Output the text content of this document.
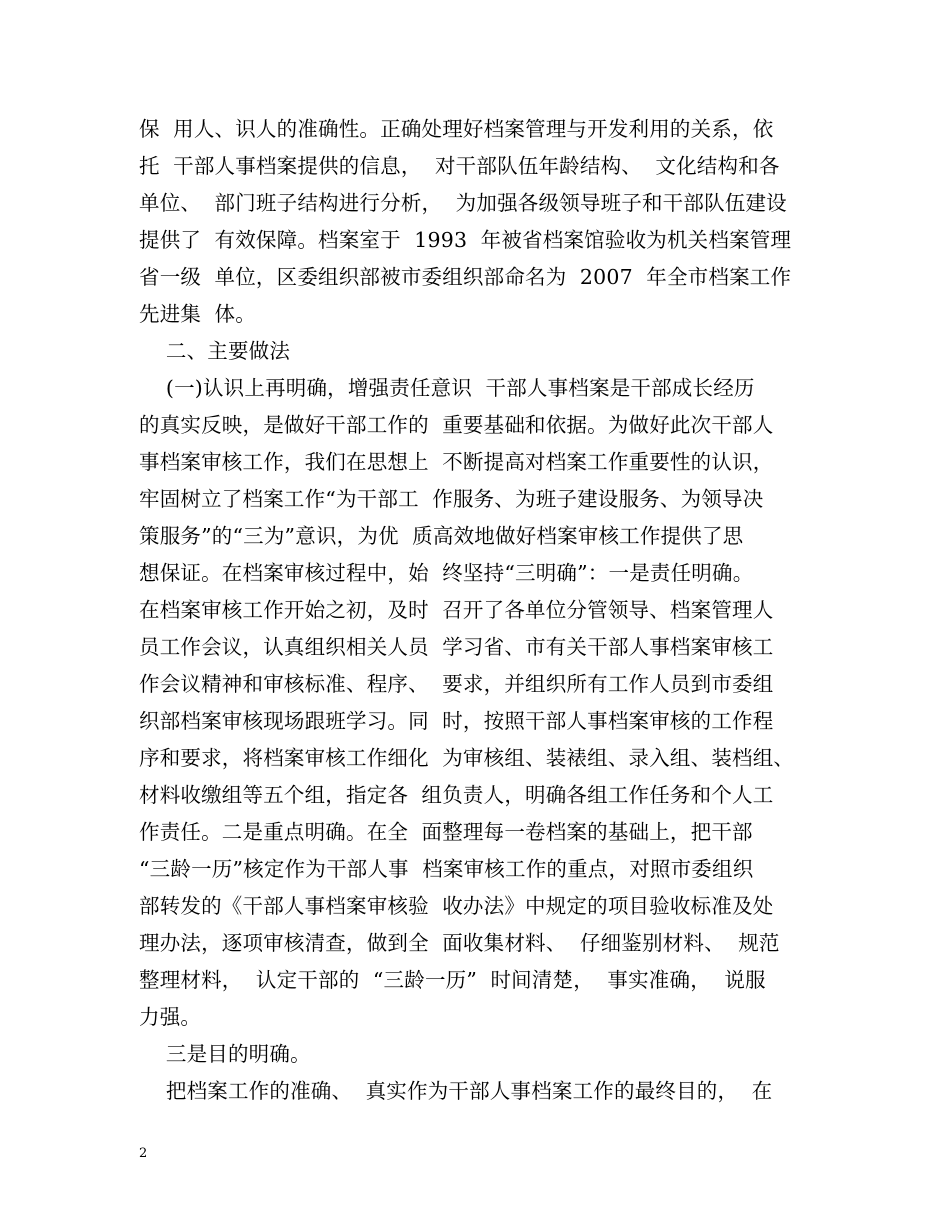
保  用人、识人的准确性。正确处理好档案管理与开发利用的关系，依
托  干部人事档案提供的信息，  对干部队伍年龄结构、  文化结构和各
单位、  部门班子结构进行分析，  为加强各级领导班子和干部队伍建设
提供了  有效保障。档案室于  1993  年被省档案馆验收为机关档案管理
省一级  单位，区委组织部被市委组织部命名为  2007  年全市档案工作
先进集  体。
二、主要做法
(一)认识上再明确，增强责任意识  干部人事档案是干部成长经历
的真实反映，是做好干部工作的  重要基础和依据。为做好此次干部人
事档案审核工作，我们在思想上  不断提高对档案工作重要性的认识，
牢固树立了档案工作“为干部工  作服务、为班子建设服务、为领导决
策服务”的“三为”意识，为优  质高效地做好档案审核工作提供了思
想保证。在档案审核过程中，始  终坚持“三明确”：一是责任明确。
在档案审核工作开始之初，及时  召开了各单位分管领导、档案管理人
员工作会议，认真组织相关人员  学习省、市有关干部人事档案审核工
作会议精神和审核标准、程序、  要求，并组织所有工作人员到市委组
织部档案审核现场跟班学习。同  时，按照干部人事档案审核的工作程
序和要求，将档案审核工作细化  为审核组、装裱组、录入组、装档组、
材料收缴组等五个组，指定各  组负责人，明确各组工作任务和个人工
作责任。二是重点明确。在全  面整理每一卷档案的基础上，把干部
“三龄一历”核定作为干部人事  档案审核工作的重点，对照市委组织
部转发的《干部人事档案审核验  收办法》中规定的项目验收标准及处
理办法，逐项审核清查，做到全  面收集材料、  仔细鉴别材料、  规范
整理材料，  认定干部的  “三龄一历”  时间清楚，  事实准确，  说服
力强。
三是目的明确。
把档案工作的准确、  真实作为干部人事档案工作的最终目的，  在
2
